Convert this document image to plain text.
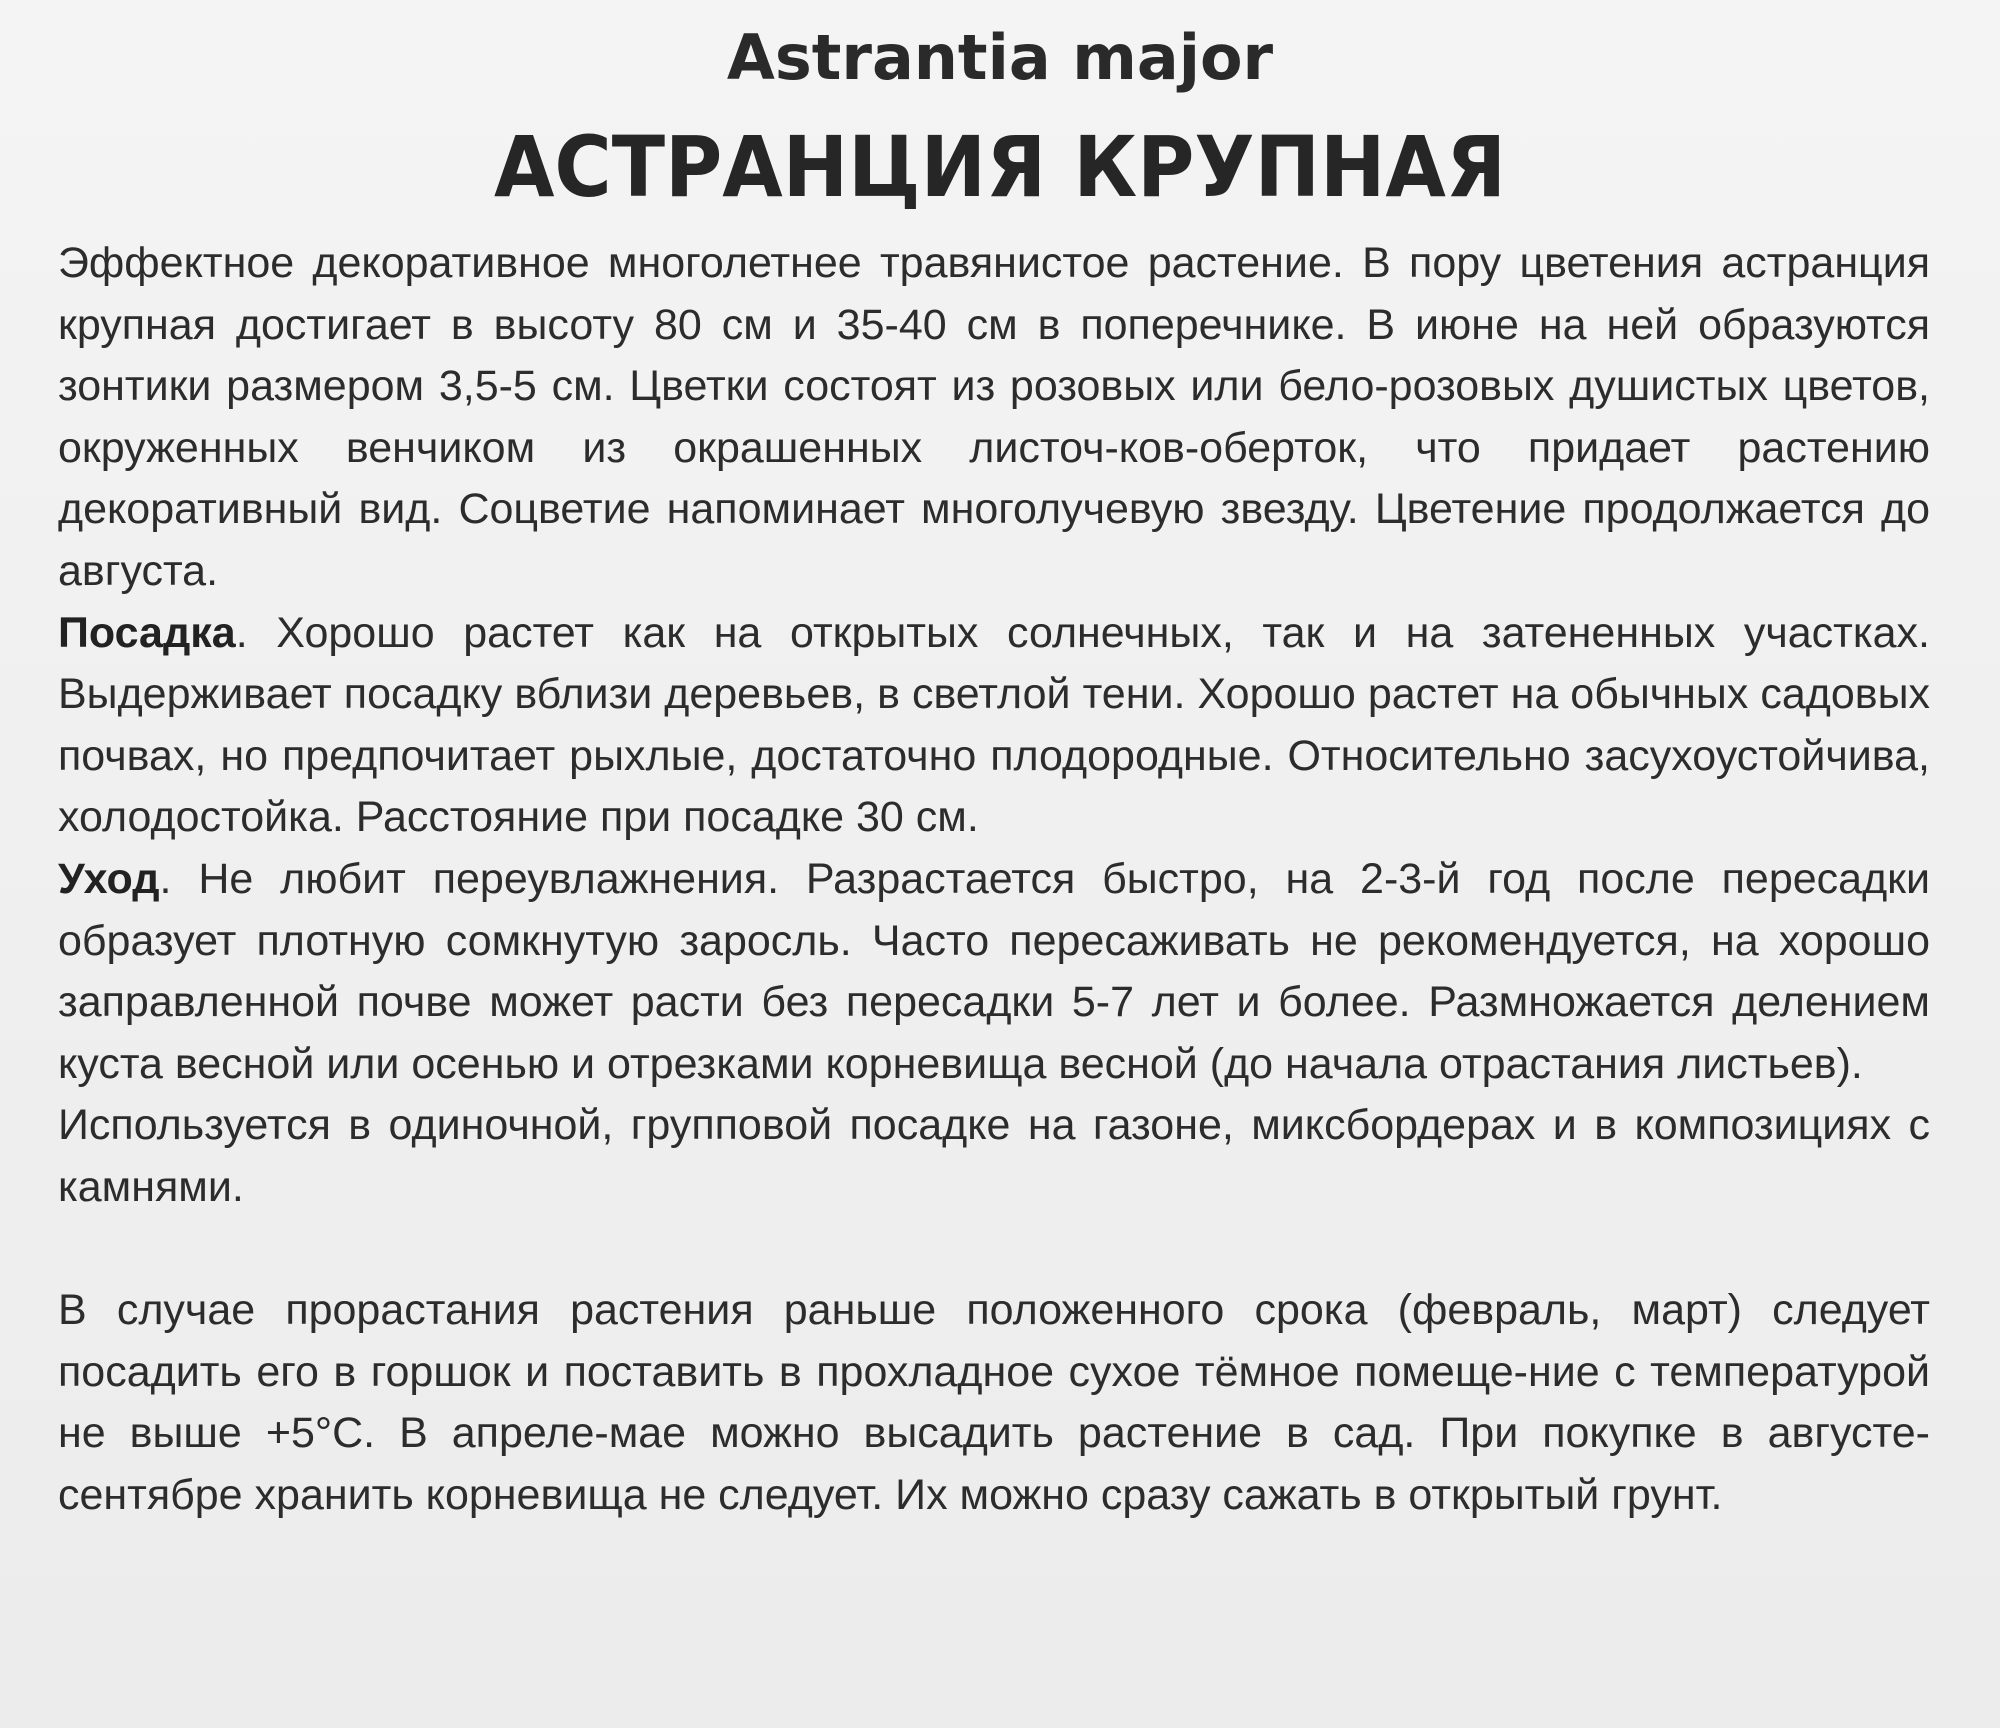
Astrantia major
АСТРАНЦИЯ КРУПНАЯ

Эффектное декоративное многолетнее травянистое растение. В пору цветения астранция крупная достигает в высоту 80 см и 35-40 см в поперечнике. В июне на ней образуются зонтики размером 3,5-5 см. Цветки состоят из розовых или бело-розовых душистых цветов, окруженных венчиком из окрашенных листоч-ков-оберток, что придает растению декоративный вид. Соцветие напоминает многолучевую звезду. Цветение продолжается до августа.

Посадка. Хорошо растет как на открытых солнечных, так и на затененных участках. Выдерживает посадку вблизи деревьев, в светлой тени. Хорошо растет на обычных садовых почвах, но предпочитает рыхлые, достаточно плодородные. Относительно засухоустойчива, холодостойка. Расстояние при посадке 30 см.

Уход. Не любит переувлажнения. Разрастается быстро, на 2-3-й год после пересадки образует плотную сомкнутую заросль. Часто пересаживать не рекомендуется, на хорошо заправленной почве может расти без пересадки 5-7 лет и более. Размножается делением куста весной или осенью и отрезками корневища весной (до начала отрастания листьев).

Используется в одиночной, групповой посадке на газоне, миксбордерах и в композициях с камнями.

В случае прорастания растения раньше положенного срока (февраль, март) следует посадить его в горшок и поставить в прохладное сухое тёмное помеще-ние с температурой не выше +5°С. В апреле-мае можно высадить растение в сад. При покупке в августе-сентябре хранить корневища не следует. Их можно сразу сажать в открытый грунт.
